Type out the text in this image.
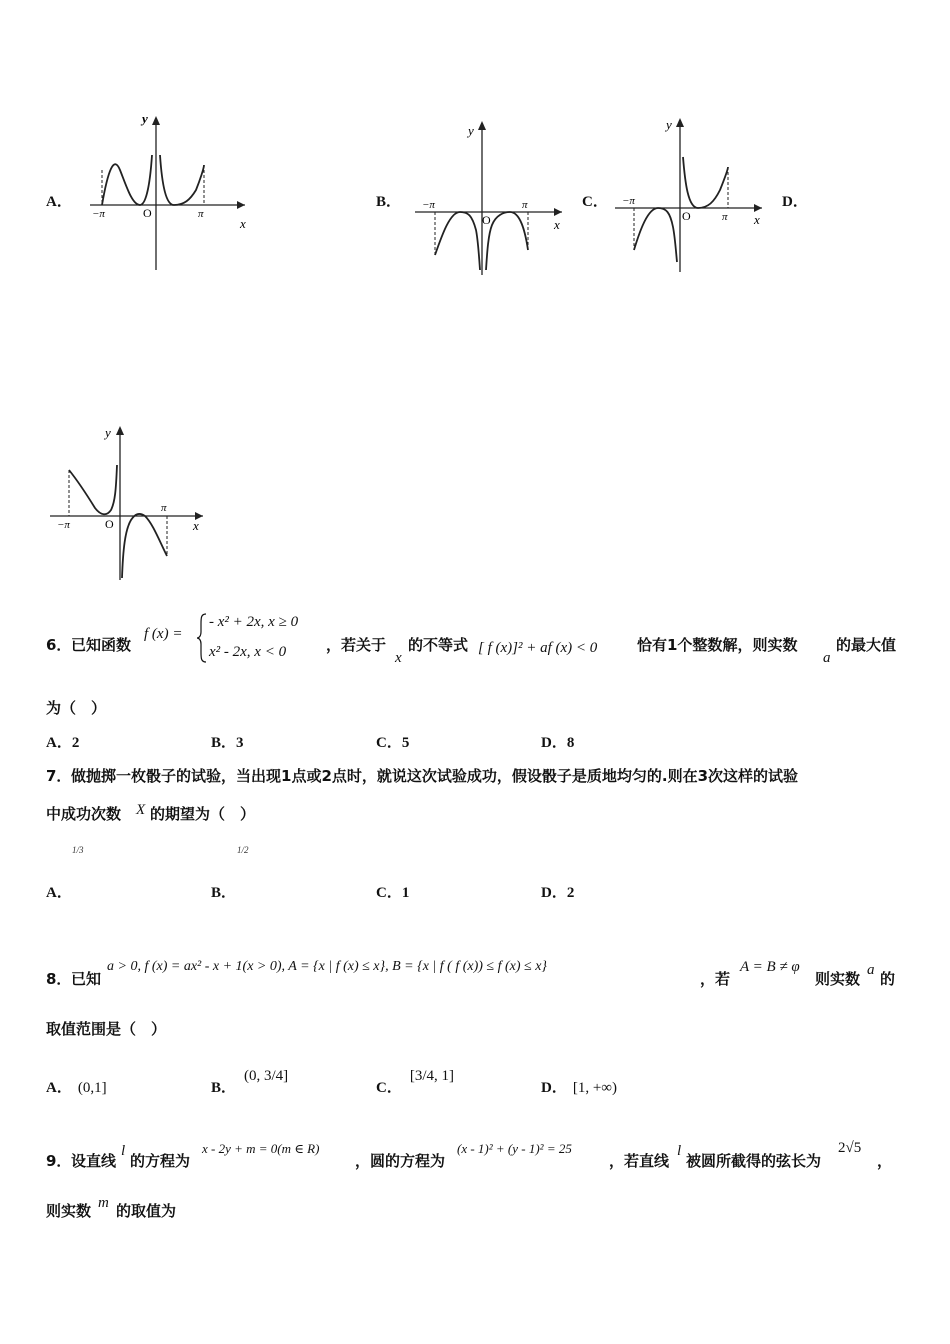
A．	B．	C．	D．
y
x
O
−π	π
y
x
O
−π	π
y
x
O
−π
π
y
x
O
−π
π
6． 已知函数
f (x) =
- x² + 2x, x ≥ 0
x² - 2x, x < 0	，若关于
x
的不等式 [ f (x)]² + af (x) < 0	恰有1个整数解，则实数
a
的最大值
为（　）
A．2	B．3	C．5	D．8
7． 做抛掷一枚骰子的试验，当出现1点或2点时，就说这次试验成功，假设骰子是质地均匀的.则在3次这样的试验
中成功次数 X 的期望为（　）
1/3	1/2
A．	B．	C．1	D．2
8． 已知
a > 0, f (x) = ax² - x + 1(x > 0), A = {x | f (x) ≤ x}, B = {x | f ( f (x)) ≤ f (x) ≤ x}
，若
A = B ≠ φ
则实数 a 的
取值范围是（　）
A． (0,1]	B．(0, 3/4]
C．[3/4, 1]
D． [1, +∞)
9． 设直线
l
的方程为
x - 2y + m = 0(m ∈ R)
，圆的方程为
(x - 1)² + (y - 1)² = 25
，若直线
l
被圆所截得的弦长为
2√5
，
则实数 m 的取值为
